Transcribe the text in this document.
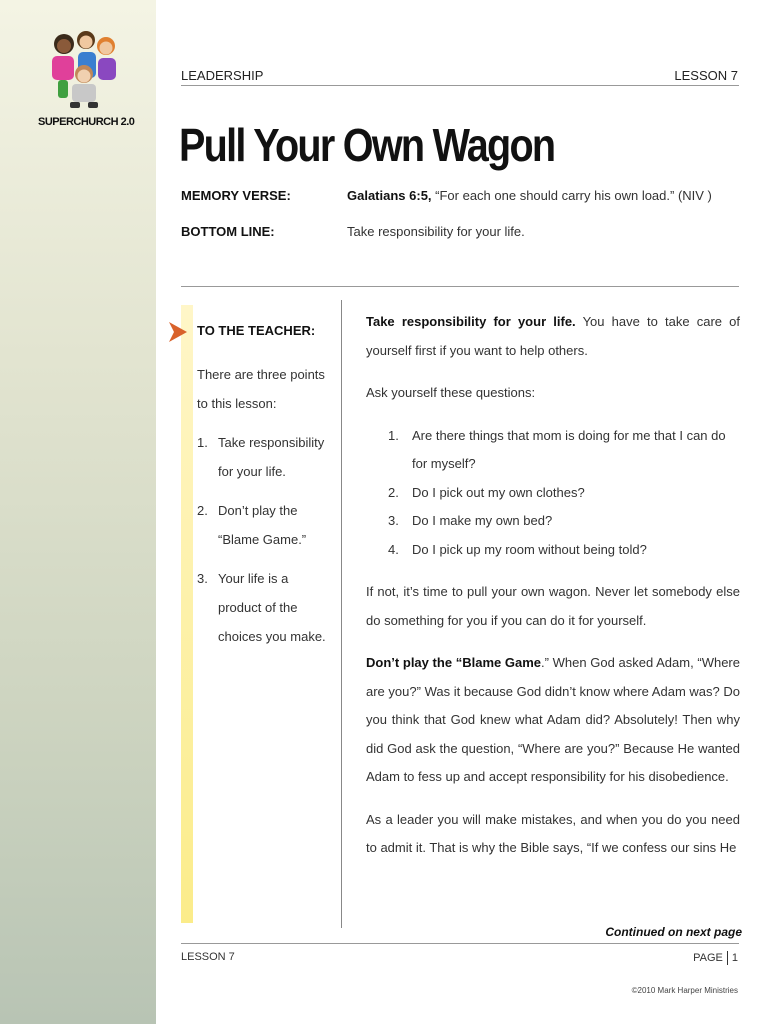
SUPERCHURCH 2.0
LEADERSHIP	LESSON 7
Pull Your Own Wagon
MEMORY VERSE:	Galatians 6:5, “For each one should carry his own load.” (NIV )
BOTTOM LINE:	Take responsibility for your life.
TO THE TEACHER:
There are three points to this lesson:
1. Take responsibility for your life.
2. Don’t play the “Blame Game.”
3. Your life is a product of the choices you make.

Take responsibility for your life. You have to take care of yourself first if you want to help others.

Ask yourself these questions:

1. Are there things that mom is doing for me that I can do for myself?
2. Do I pick out my own clothes?
3. Do I make my own bed?
4. Do I pick up my room without being told?

If not, it’s time to pull your own wagon. Never let somebody else do something for you if you can do it for yourself.

Don’t play the “Blame Game.” When God asked Adam, “Where are you?” Was it because God didn’t know where Adam was? Do you think that God knew what Adam did? Absolutely! Then why did God ask the question, “Where are you?” Because He wanted Adam to fess up and accept responsibility for his disobedience.

As a leader you will make mistakes, and when you do you need to admit it. That is why the Bible says, “If we confess our sins He

Continued on next page
LESSON 7	PAGE 1
©2010 Mark Harper Ministries
